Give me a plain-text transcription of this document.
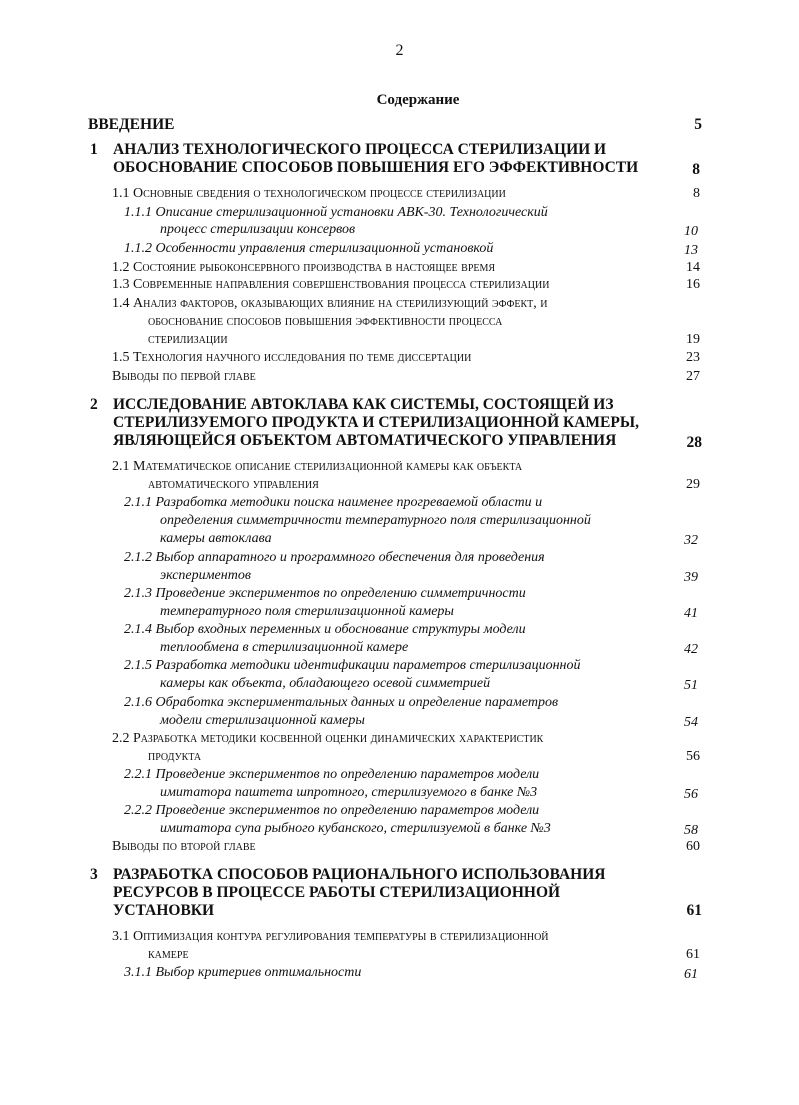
2
Содержание
ВВЕДЕНИЕ	5
1 АНАЛИЗ ТЕХНОЛОГИЧЕСКОГО ПРОЦЕССА СТЕРИЛИЗАЦИИ И
ОБОСНОВАНИЕ СПОСОБОВ ПОВЫШЕНИЯ ЕГО ЭФФЕКТИВНОСТИ	8
1.1 Основные сведения о технологическом процессе стерилизации	8
1.1.1 Описание стерилизационной установки АВК-30. Технологический
процесс стерилизации консервов	10
1.1.2 Особенности управления стерилизационной установкой	13
1.2 Состояние рыбоконсервного производства в настоящее время	14
1.3 Современные направления совершенствования процесса стерилизации	16
1.4 Анализ факторов, оказывающих влияние на стерилизующий эффект, и
обоснование способов повышения эффективности процесса
стерилизации	19
1.5 Технология научного исследования по теме диссертации	23
Выводы по первой главе	27
2 ИССЛЕДОВАНИЕ АВТОКЛАВА КАК СИСТЕМЫ, СОСТОЯЩЕЙ ИЗ
СТЕРИЛИЗУЕМОГО ПРОДУКТА И СТЕРИЛИЗАЦИОННОЙ КАМЕРЫ,
ЯВЛЯЮЩЕЙСЯ ОБЪЕКТОМ АВТОМАТИЧЕСКОГО УПРАВЛЕНИЯ	28
2.1 Математическое описание стерилизационной камеры как объекта
автоматического управления	29
2.1.1 Разработка методики поиска наименее прогреваемой области и
определения симметричности температурного поля стерилизационной
камеры автоклава	32
2.1.2 Выбор аппаратного и программного обеспечения для проведения
экспериментов	39
2.1.3 Проведение экспериментов по определению симметричности
температурного поля стерилизационной камеры	41
2.1.4 Выбор входных переменных и обоснование структуры модели
теплообмена в стерилизационной камере	42
2.1.5 Разработка методики идентификации параметров стерилизационной
камеры как объекта, обладающего осевой симметрией	51
2.1.6 Обработка экспериментальных данных и определение параметров
модели стерилизационной камеры	54
2.2 Разработка методики косвенной оценки динамических характеристик
продукта	56
2.2.1 Проведение экспериментов по определению параметров модели
имитатора паштета шпротного, стерилизуемого в банке №3	56
2.2.2 Проведение экспериментов по определению параметров модели
имитатора супа рыбного кубанского, стерилизуемой в банке №3	58
Выводы по второй главе	60
3 РАЗРАБОТКА СПОСОБОВ РАЦИОНАЛЬНОГО ИСПОЛЬЗОВАНИЯ
РЕСУРСОВ В ПРОЦЕССЕ РАБОТЫ СТЕРИЛИЗАЦИОННОЙ
УСТАНОВКИ	61
3.1 Оптимизация контура регулирования температуры в стерилизационной
камере	61
3.1.1 Выбор критериев оптимальности	61
